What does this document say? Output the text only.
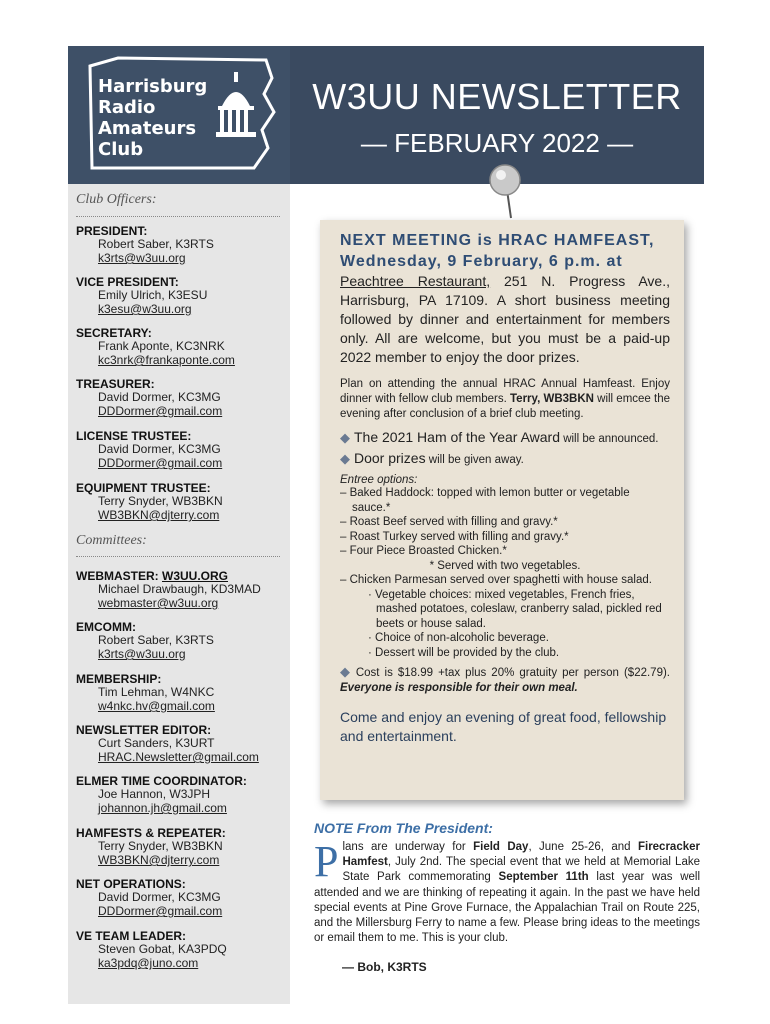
Harrisburg
Radio
Amateurs
Club
W3UU NEWSLETTER
— FEBRUARY 2022 —
Club Officers:
PRESIDENT:
Robert Saber, K3RTS
k3rts@w3uu.org
VICE PRESIDENT:
Emily Ulrich, K3ESU
k3esu@w3uu.org
SECRETARY:
Frank Aponte, KC3NRK
kc3nrk@frankaponte.com
TREASURER:
David Dormer, KC3MG
DDDormer@gmail.com
LICENSE TRUSTEE:
David Dormer, KC3MG
DDDormer@gmail.com
EQUIPMENT TRUSTEE:
Terry Snyder, WB3BKN
WB3BKN@djterry.com
Committees:
WEBMASTER: W3UU.ORG
Michael Drawbaugh, KD3MAD
webmaster@w3uu.org
EMCOMM:
Robert Saber, K3RTS
k3rts@w3uu.org
MEMBERSHIP:
Tim Lehman, W4NKC
w4nkc.hv@gmail.com
NEWSLETTER EDITOR:
Curt Sanders, K3URT
HRAC.Newsletter@gmail.com
ELMER TIME COORDINATOR:
Joe Hannon, W3JPH
johannon.jh@gmail.com
HAMFESTS & REPEATER:
Terry Snyder, WB3BKN
WB3BKN@djterry.com
NET OPERATIONS:
David Dormer, KC3MG
DDDormer@gmail.com
VE TEAM LEADER:
Steven Gobat, KA3PDQ
ka3pdq@juno.com
NEXT MEETING is HRAC HAMFEAST, Wednesday, 9 February, 6 p.m. at
Peachtree Restaurant, 251 N. Progress Ave., Harrisburg, PA 17109. A short business meeting followed by dinner and entertainment for members only. All are welcome, but you must be a paid-up 2022 member to enjoy the door prizes.
Plan on attending the annual HRAC Annual Hamfeast. Enjoy dinner with fellow club members. Terry, WB3BKN will emcee the evening after conclusion of a brief club meeting.
◆ The 2021 Ham of the Year Award will be announced.
◆ Door prizes will be given away.
Entree options:
– Baked Haddock: topped with lemon butter or vegetable sauce.*
– Roast Beef served with filling and gravy.*
– Roast Turkey served with filling and gravy.*
– Four Piece Broasted Chicken.*
* Served with two vegetables.
– Chicken Parmesan served over spaghetti with house salad.
· Vegetable choices: mixed vegetables, French fries, mashed potatoes, coleslaw, cranberry salad, pickled red beets or house salad.
· Choice of non-alcoholic beverage.
· Dessert will be provided by the club.
◆ Cost is $18.99 +tax plus 20% gratuity per person ($22.79). Everyone is responsible for their own meal.
Come and enjoy an evening of great food, fellowship and entertainment.
NOTE From The President:
Plans are underway for Field Day, June 25-26, and Firecracker Hamfest, July 2nd. The special event that we held at Memorial Lake State Park commemorating September 11th last year was well attended and we are thinking of repeating it again. In the past we have held special events at Pine Grove Furnace, the Appalachian Trail on Route 225, and the Millersburg Ferry to name a few. Please bring ideas to the meetings or email them to me. This is your club.
— Bob, K3RTS
